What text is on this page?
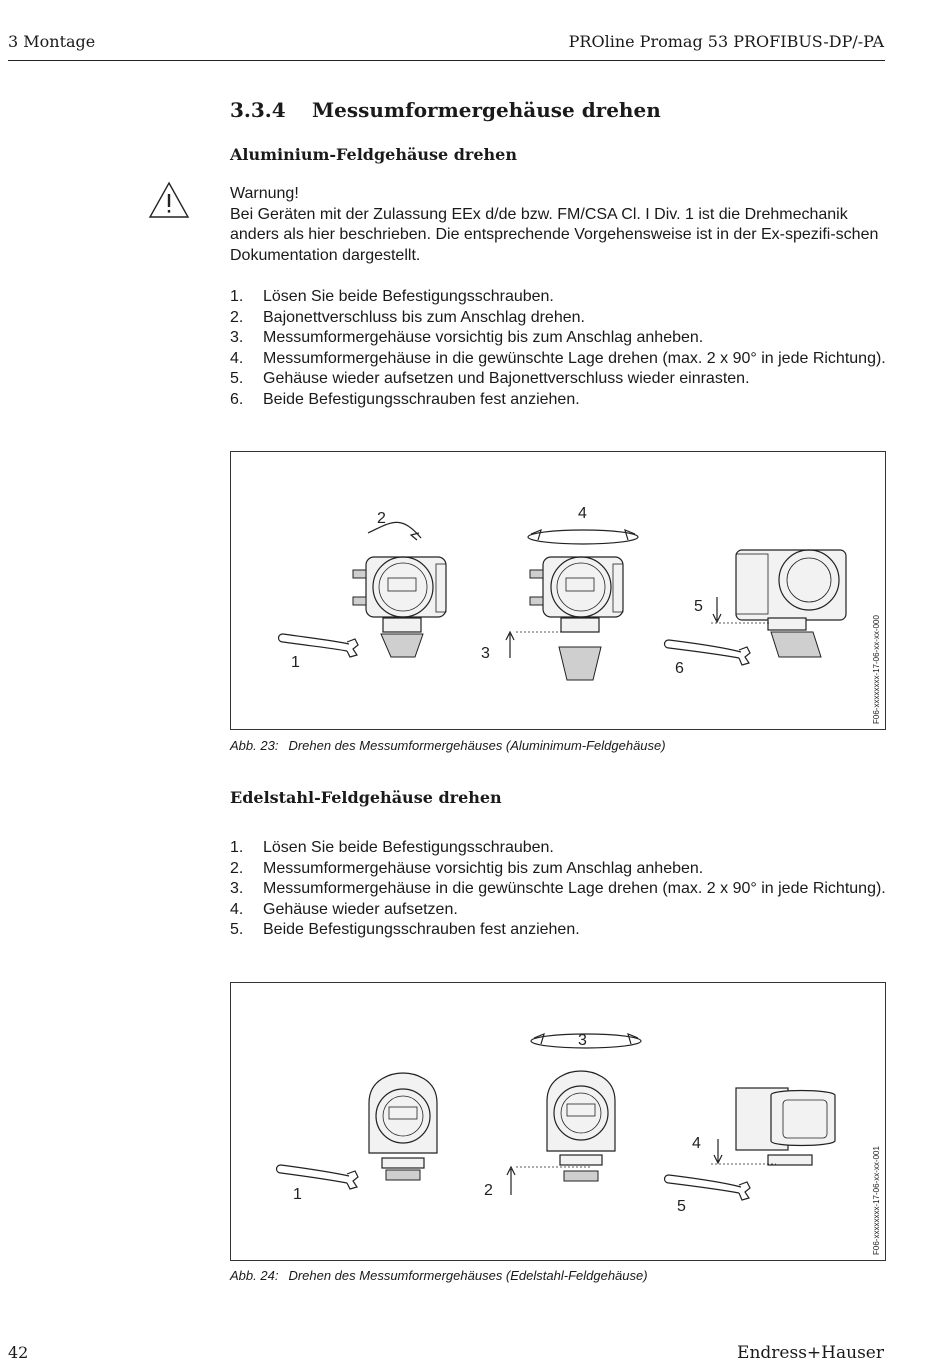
3 Montage	PROline Promag 53 PROFIBUS-DP/-PA
3.3.4 Messumformergehäuse drehen
Aluminium-Feldgehäuse drehen
Warnung!
Bei Geräten mit der Zulassung EEx d/de bzw. FM/CSA Cl. I Div. 1 ist die Drehmechanik anders als hier beschrieben. Die entsprechende Vorgehensweise ist in der Ex-spezifi-schen Dokumentation dargestellt.
1.	Lösen Sie beide Befestigungsschrauben.
2.	Bajonettverschluss bis zum Anschlag drehen.
3.	Messumformergehäuse vorsichtig bis zum Anschlag anheben.
4.	Messumformergehäuse in die gewünschte Lage drehen (max. 2 x 90° in jede Richtung).
5.	Gehäuse wieder aufsetzen und Bajonettverschluss wieder einrasten.
6.	Beide Befestigungsschrauben fest anziehen.
1
2
3
4
5
6	F06-xxxxxxxx-17-06-xx-xx-000
Abb. 23: Drehen des Messumformergehäuses (Aluminimum-Feldgehäuse)
Edelstahl-Feldgehäuse drehen
1.	Lösen Sie beide Befestigungsschrauben.
2.	Messumformergehäuse vorsichtig bis zum Anschlag anheben.
3.	Messumformergehäuse in die gewünschte Lage drehen (max. 2 x 90° in jede Richtung).
4.	Gehäuse wieder aufsetzen.
5.	Beide Befestigungsschrauben fest anziehen.
1
3
2
4
5	F06-xxxxxxxx-17-06-xx-xx-001
Abb. 24: Drehen des Messumformergehäuses (Edelstahl-Feldgehäuse)
42	Endress+Hauser
